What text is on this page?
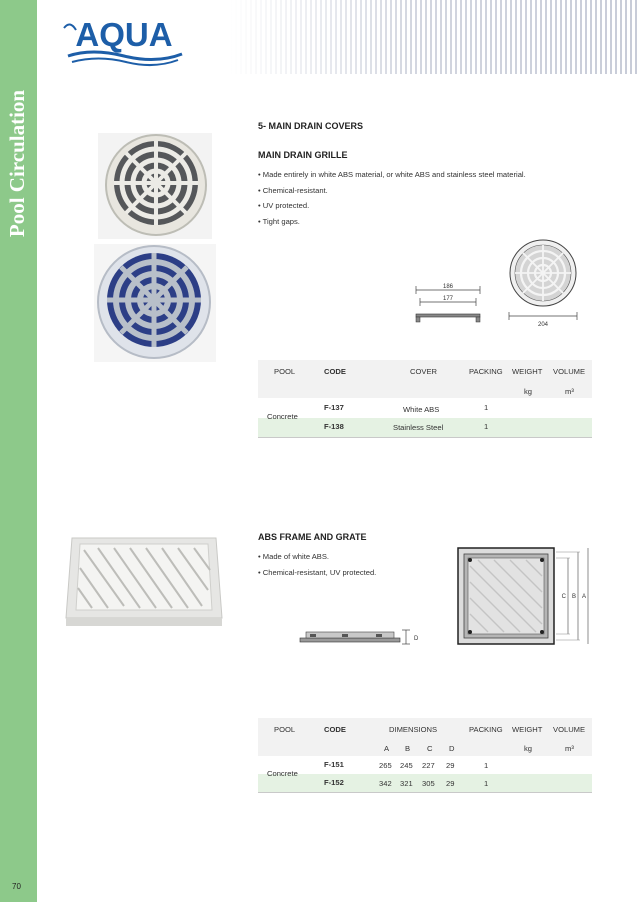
Pool Circulation
70
AQUA
5- MAIN DRAIN COVERS
MAIN DRAIN GRILLE
• Made entirely in white ABS material, or white ABS and stainless steel material.
• Chemical-resistant.
• UV protected.
• Tight gaps.
186
177
204
POOL	CODE	COVER	PACKING WEIGHT VOLUME
kg	m³
Concrete
F-137	White ABS	1
F-138	Stainless Steel	1
ABS FRAME AND GRATE
• Made of white ABS.
• Chemical-resistant, UV protected.
D
C B A
POOL	CODE	DIMENSIONS	PACKING WEIGHT VOLUME
A B C D	kg	m³
Concrete
F-151	265 245 227 29	1
F-152	342 321 305 29	1
